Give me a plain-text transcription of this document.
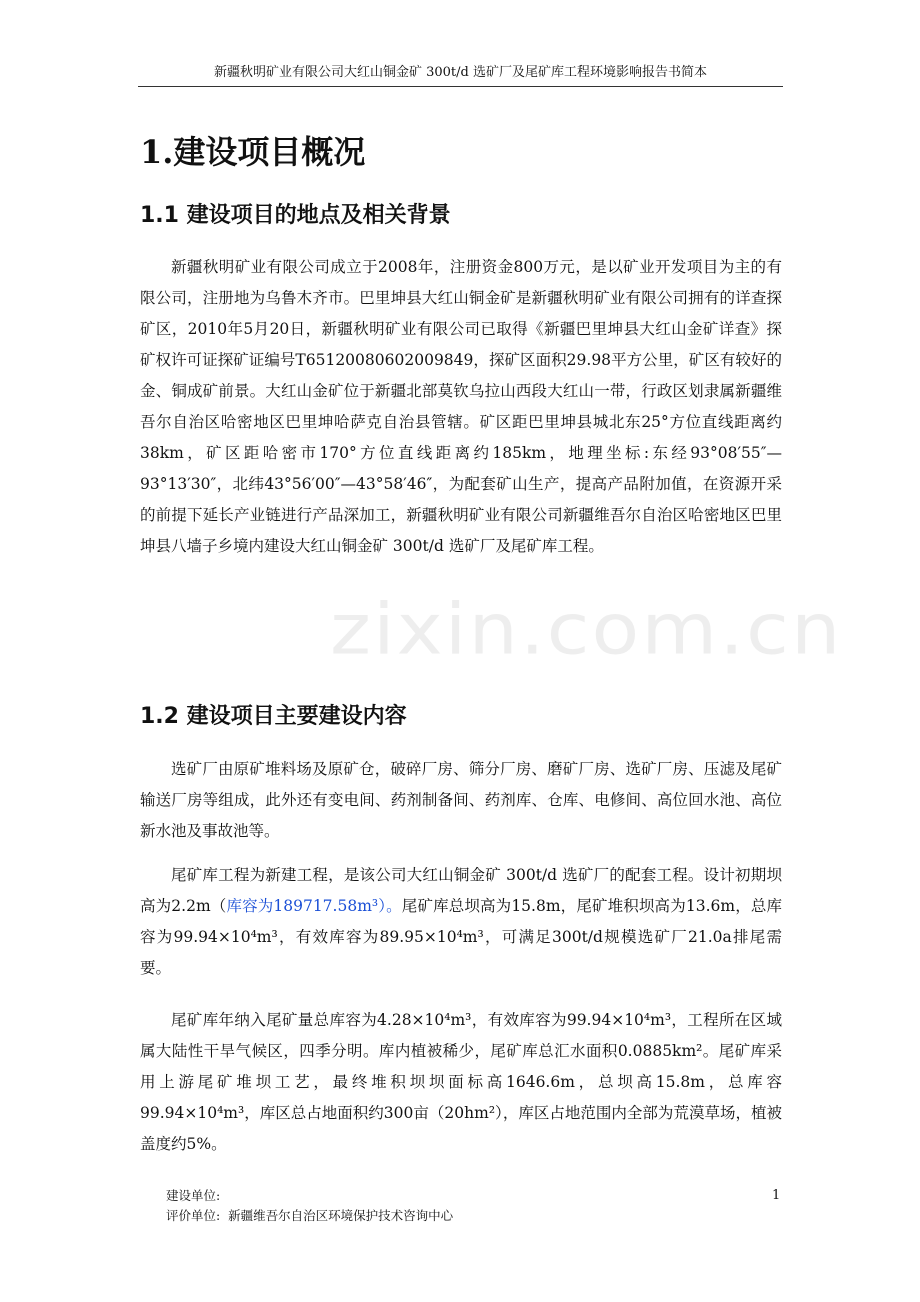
新疆秋明矿业有限公司大红山铜金矿 300t/d 选矿厂及尾矿库工程环境影响报告书简本
1.建设项目概况
1.1 建设项目的地点及相关背景

新疆秋明矿业有限公司成立于2008年，注册资金800万元，是以矿业开发项目为主的有限公司，注册地为乌鲁木齐市。巴里坤县大红山铜金矿是新疆秋明矿业有限公司拥有的详查探矿区，2010年5月20日，新疆秋明矿业有限公司已取得《新疆巴里坤县大红山金矿详查》探矿权许可证探矿证编号T65120080602009849，探矿区面积29.98平方公里，矿区有较好的金、铜成矿前景。大红山金矿位于新疆北部莫钦乌拉山西段大红山一带，行政区划隶属新疆维吾尔自治区哈密地区巴里坤哈萨克自治县管辖。矿区距巴里坤县城北东25°方位直线距离约38km，矿区距哈密市170°方位直线距离约185km，地理坐标:东经93°08′55″—93°13′30″，北纬43°56′00″—43°58′46″，为配套矿山生产，提高产品附加值，在资源开采的前提下延长产业链进行产品深加工，新疆秋明矿业有限公司新疆维吾尔自治区哈密地区巴里坤县八墙子乡境内建设大红山铜金矿 300t/d 选矿厂及尾矿库工程。

1.2 建设项目主要建设内容

选矿厂由原矿堆料场及原矿仓，破碎厂房、筛分厂房、磨矿厂房、选矿厂房、压滤及尾矿输送厂房等组成，此外还有变电间、药剂制备间、药剂库、仓库、电修间、高位回水池、高位新水池及事故池等。

尾矿库工程为新建工程，是该公司大红山铜金矿 300t/d 选矿厂的配套工程。设计初期坝高为2.2m（库容为189717.58m³）。尾矿库总坝高为15.8m，尾矿堆积坝高为13.6m，总库容为99.94×10⁴m³，有效库容为89.95×10⁴m³，可满足300t/d规模选矿厂21.0a排尾需要。

尾矿库年纳入尾矿量总库容为4.28×10⁴m³，有效库容为99.94×10⁴m³，工程所在区域属大陆性干旱气候区，四季分明。库内植被稀少，尾矿库总汇水面积0.0885km²。尾矿库采用上游尾矿堆坝工艺，最终堆积坝坝面标高1646.6m，总坝高15.8m，总库容99.94×10⁴m³，库区总占地面积约300亩（20hm²），库区占地范围内全部为荒漠草场，植被盖度约5%。

zixin.com.cn
建设单位:
评价单位: 新疆维吾尔自治区环境保护技术咨询中心
1
